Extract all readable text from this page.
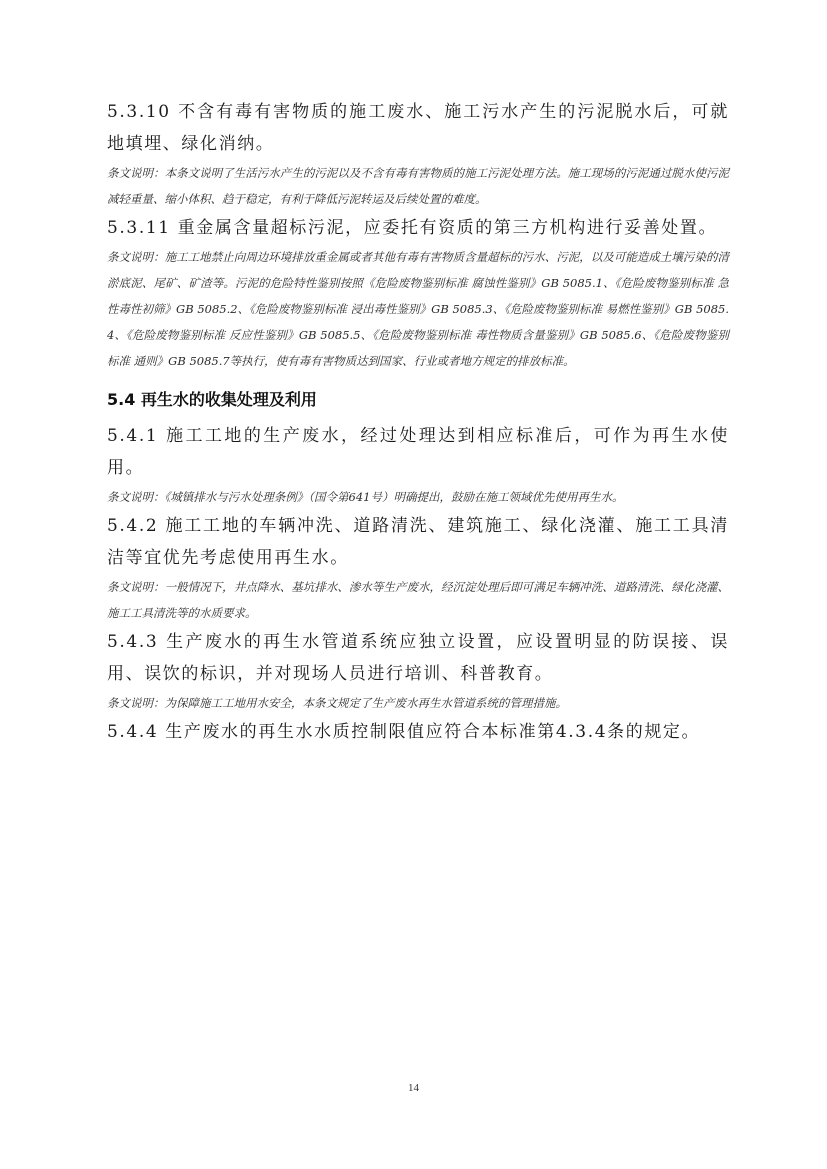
5.3.10 不含有毒有害物质的施工废水、施工污水产生的污泥脱水后，可就地填埋、绿化消纳。

条文说明：本条文说明了生活污水产生的污泥以及不含有毒有害物质的施工污泥处理方法。施工现场的污泥通过脱水使污泥减轻重量、缩小体积、趋于稳定，有利于降低污泥转运及后续处置的难度。

5.3.11 重金属含量超标污泥，应委托有资质的第三方机构进行妥善处置。

条文说明：施工工地禁止向周边环境排放重金属或者其他有毒有害物质含量超标的污水、污泥，以及可能造成土壤污染的清淤底泥、尾矿、矿渣等。污泥的危险特性鉴别按照《危险废物鉴别标准 腐蚀性鉴别》GB 5085.1、《危险废物鉴别标准 急性毒性初筛》GB 5085.2、《危险废物鉴别标准 浸出毒性鉴别》GB 5085.3、《危险废物鉴别标准 易燃性鉴别》GB 5085.4、《危险废物鉴别标准 反应性鉴别》GB 5085.5、《危险废物鉴别标准 毒性物质含量鉴别》GB 5085.6、《危险废物鉴别标准 通则》GB 5085.7等执行，使有毒有害物质达到国家、行业或者地方规定的排放标准。

5.4 再生水的收集处理及利用

5.4.1 施工工地的生产废水，经过处理达到相应标准后，可作为再生水使用。

条文说明：《城镇排水与污水处理条例》（国令第641号）明确提出，鼓励在施工领域优先使用再生水。

5.4.2 施工工地的车辆冲洗、道路清洗、建筑施工、绿化浇灌、施工工具清洁等宜优先考虑使用再生水。

条文说明：一般情况下，井点降水、基坑排水、渗水等生产废水，经沉淀处理后即可满足车辆冲洗、道路清洗、绿化浇灌、施工工具清洗等的水质要求。

5.4.3 生产废水的再生水管道系统应独立设置，应设置明显的防误接、误用、误饮的标识，并对现场人员进行培训、科普教育。

条文说明：为保障施工工地用水安全，本条文规定了生产废水再生水管道系统的管理措施。

5.4.4 生产废水的再生水水质控制限值应符合本标准第4.3.4条的规定。

14
